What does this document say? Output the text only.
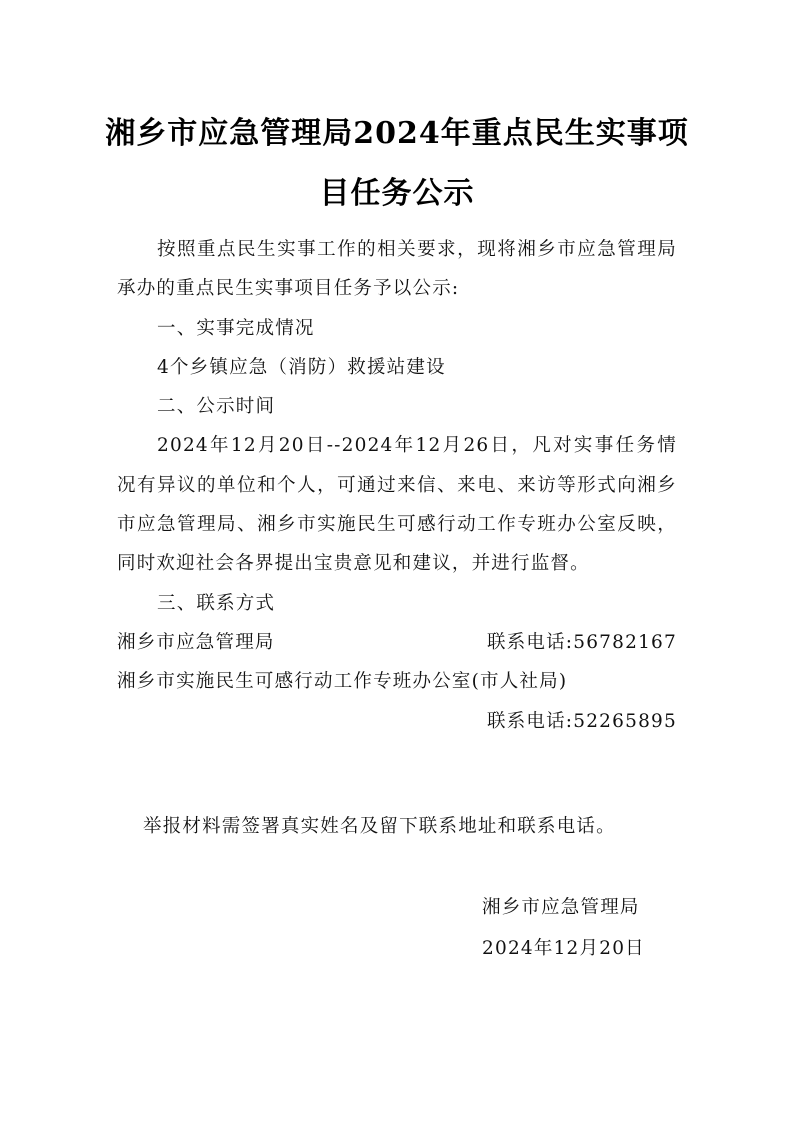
湘乡市应急管理局2024年重点民生实事项
目任务公示
按照重点民生实事工作的相关要求，现将湘乡市应急管理局
承办的重点民生实事项目任务予以公示:
一、实事完成情况
4个乡镇应急（消防）救援站建设
二、公示时间
2024年12月20日--2024年12月26日，凡对实事任务情
况有异议的单位和个人，可通过来信、来电、来访等形式向湘乡
市应急管理局、湘乡市实施民生可感行动工作专班办公室反映，
同时欢迎社会各界提出宝贵意见和建议，并进行监督。
三、联系方式
湘乡市应急管理局	联系电话:56782167
湘乡市实施民生可感行动工作专班办公室(市人社局)
联系电话:52265895
举报材料需签署真实姓名及留下联系地址和联系电话。
湘乡市应急管理局
2024年12月20日
